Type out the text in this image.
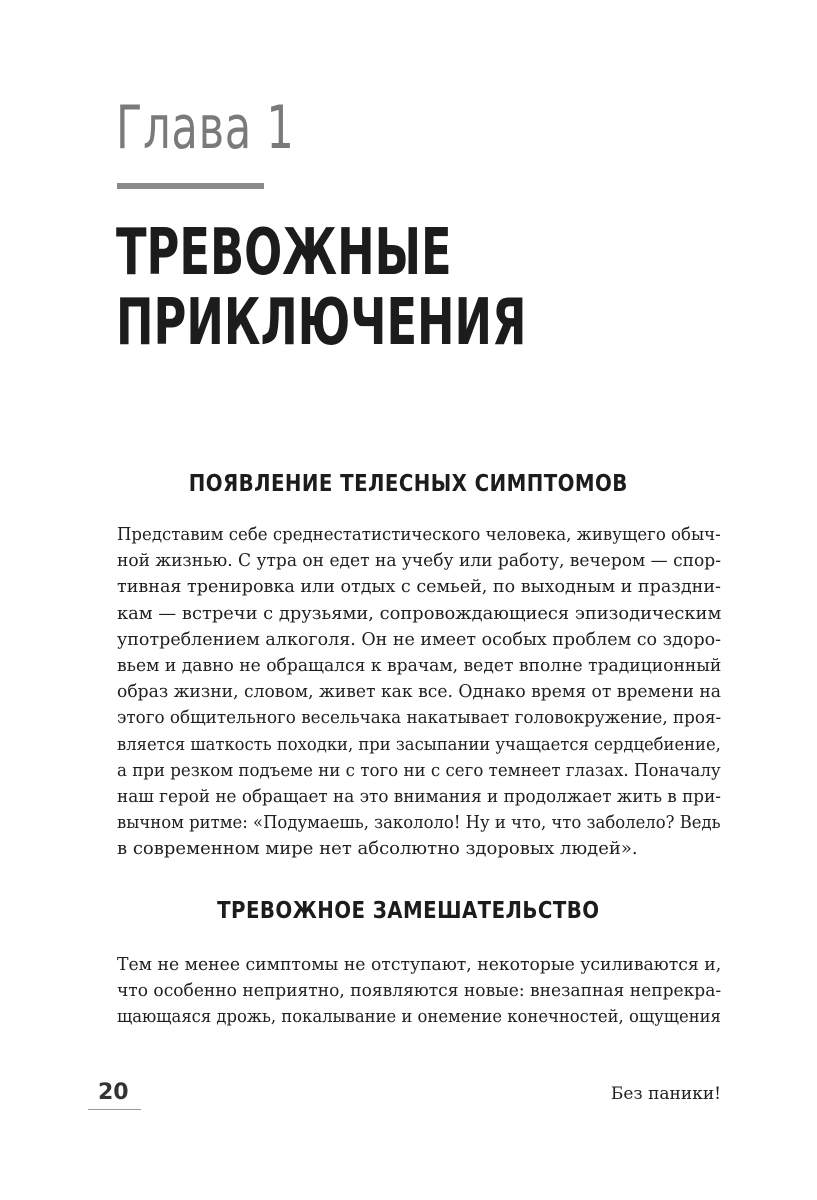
Глава 1
ТРЕВОЖНЫЕ
ПРИКЛЮЧЕНИЯ
ПОЯВЛЕНИЕ ТЕЛЕСНЫХ СИМПТОМОВ
Представим себе среднестатистического человека, живущего обыч-
ной жизнью. С утра он едет на учебу или работу, вечером — спор-
тивная тренировка или отдых с семьей, по выходным и праздни-
кам — встречи с друзьями, сопровождающиеся эпизодическим
употреблением алкоголя. Он не имеет особых проблем со здоро-
вьем и давно не обращался к врачам, ведет вполне традиционный
образ жизни, словом, живет как все. Однако время от времени на
этого общительного весельчака накатывает головокружение, проя-
вляется шаткость походки, при засыпании учащается сердцебиение,
а при резком подъеме ни с того ни с сего темнеет глазах. Поначалу
наш герой не обращает на это внимания и продолжает жить в при-
вычном ритме: «Подумаешь, закололо! Ну и что, что заболело? Ведь
в современном мире нет абсолютно здоровых людей».
ТРЕВОЖНОЕ ЗАМЕШАТЕЛЬСТВО
Тем не менее симптомы не отступают, некоторые усиливаются и,
что особенно неприятно, появляются новые: внезапная непрекра-
щающаяся дрожь, покалывание и онемение конечностей, ощущения
20	Без паники!
